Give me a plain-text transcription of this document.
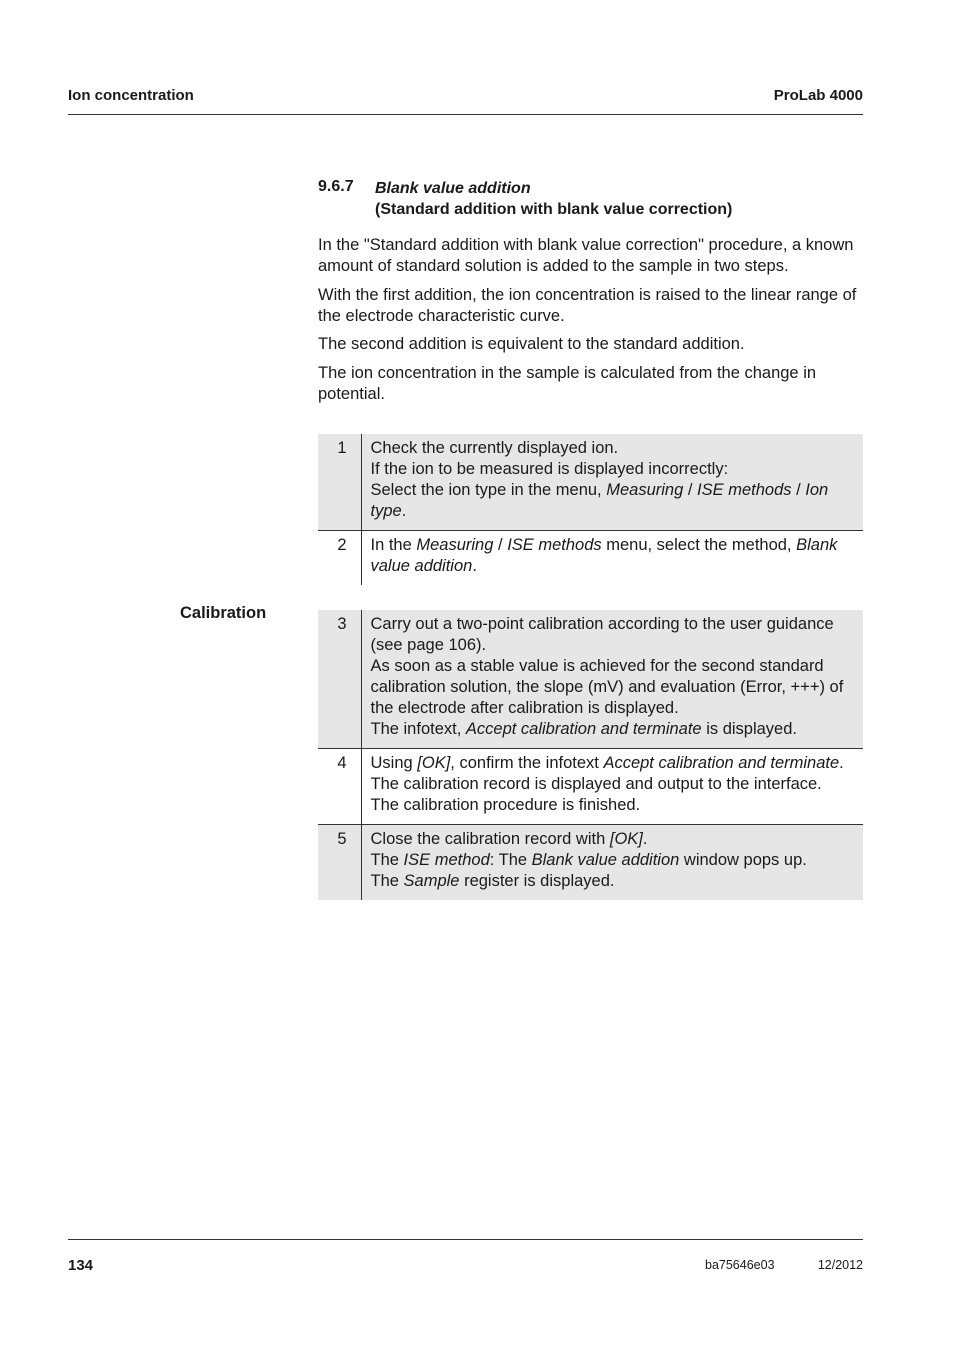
Ion concentration	ProLab 4000
9.6.7 Blank value addition
(Standard addition with blank value correction)

In the "Standard addition with blank value correction" procedure, a known amount of standard solution is added to the sample in two steps.

With the first addition, the ion concentration is raised to the linear range of the electrode characteristic curve.

The second addition is equivalent to the standard addition.

The ion concentration in the sample is calculated from the change in potential.

1	Check the currently displayed ion.
If the ion to be measured is displayed incorrectly:
Select the ion type in the menu, Measuring / ISE methods / Ion type.

2	In the Measuring / ISE methods menu, select the method, Blank value addition.
Calibration
3	Carry out a two-point calibration according to the user guidance (see page 106).
As soon as a stable value is achieved for the second standard calibration solution, the slope (mV) and evaluation (Error, +++) of the electrode after calibration is displayed.
The infotext, Accept calibration and terminate is displayed.

4	Using [OK], confirm the infotext Accept calibration and terminate.
The calibration record is displayed and output to the interface.
The calibration procedure is finished.

5	Close the calibration record with [OK].
The ISE method: The Blank value addition window pops up.
The Sample register is displayed.
134	ba75646e03	12/2012
